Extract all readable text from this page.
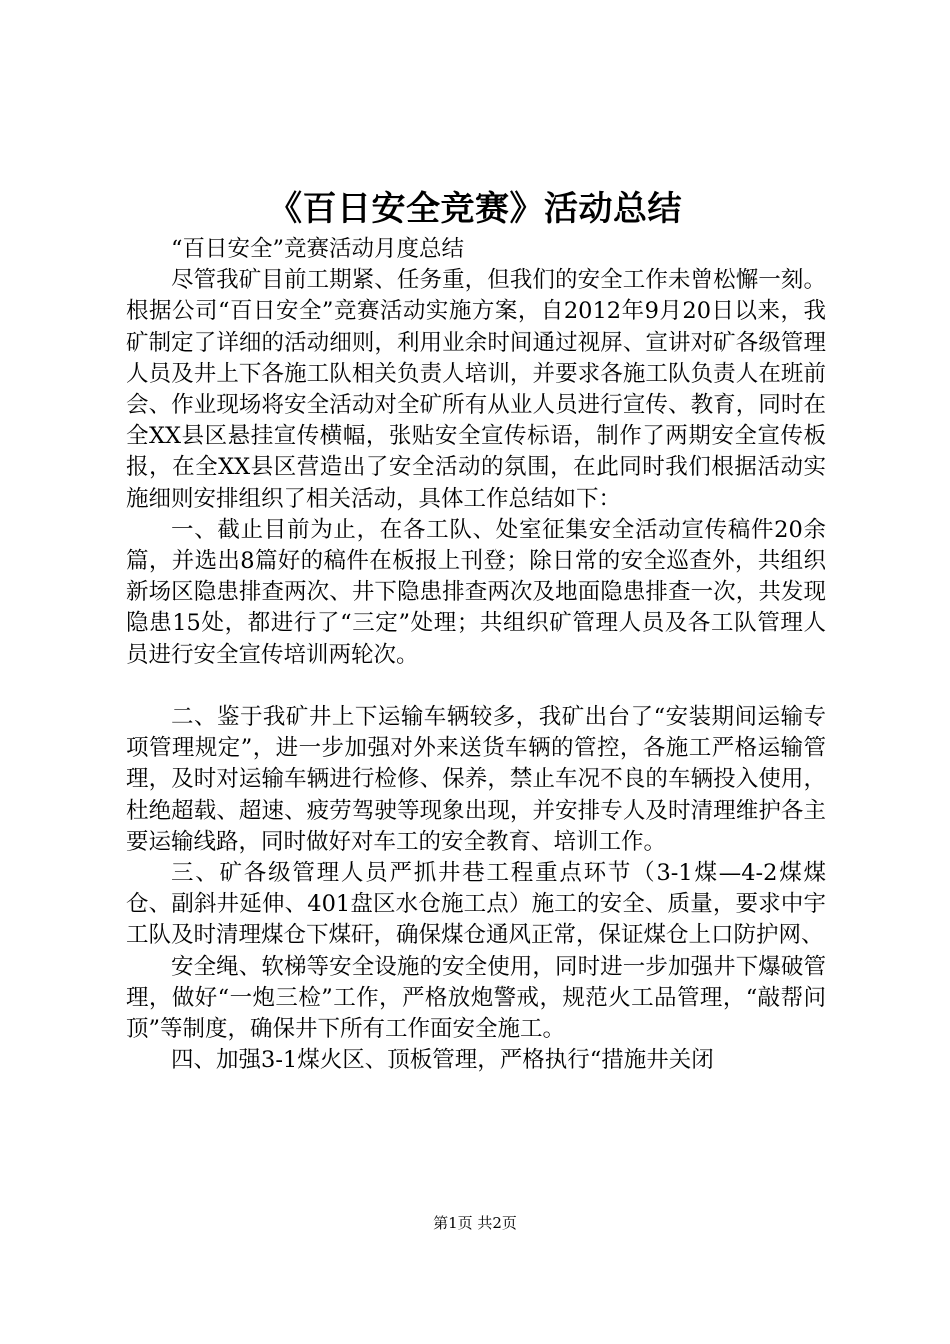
《百日安全竞赛》活动总结

“百日安全”竞赛活动月度总结

尽管我矿目前工期紧、任务重，但我们的安全工作未曾松懈一刻。根据公司“百日安全”竞赛活动实施方案，自2012年9月20日以来，我矿制定了详细的活动细则，利用业余时间通过视屏、宣讲对矿各级管理人员及井上下各施工队相关负责人培训，并要求各施工队负责人在班前会、作业现场将安全活动对全矿所有从业人员进行宣传、教育，同时在全XX县区悬挂宣传横幅，张贴安全宣传标语，制作了两期安全宣传板报，在全XX县区营造出了安全活动的氛围，在此同时我们根据活动实施细则安排组织了相关活动，具体工作总结如下：

一、截止目前为止，在各工队、处室征集安全活动宣传稿件20余篇，并选出8篇好的稿件在板报上刊登；除日常的安全巡查外，共组织新场区隐患排查两次、井下隐患排查两次及地面隐患排查一次，共发现隐患15处，都进行了“三定”处理；共组织矿管理人员及各工队管理人员进行安全宣传培训两轮次。

二、鉴于我矿井上下运输车辆较多，我矿出台了“安装期间运输专项管理规定”，进一步加强对外来送货车辆的管控，各施工严格运输管理，及时对运输车辆进行检修、保养，禁止车况不良的车辆投入使用，杜绝超载、超速、疲劳驾驶等现象出现，并安排专人及时清理维护各主要运输线路，同时做好对车工的安全教育、培训工作。

三、矿各级管理人员严抓井巷工程重点环节（3-1煤—4-2煤煤仓、副斜井延伸、401盘区水仓施工点）施工的安全、质量，要求中宇工队及时清理煤仓下煤矸，确保煤仓通风正常，保证煤仓上口防护网、

安全绳、软梯等安全设施的安全使用，同时进一步加强井下爆破管理，做好“一炮三检”工作，严格放炮警戒，规范火工品管理，“敲帮问顶”等制度，确保井下所有工作面安全施工。

四、加强3-1煤火区、顶板管理，严格执行“措施井关闭

第1页 共2页
